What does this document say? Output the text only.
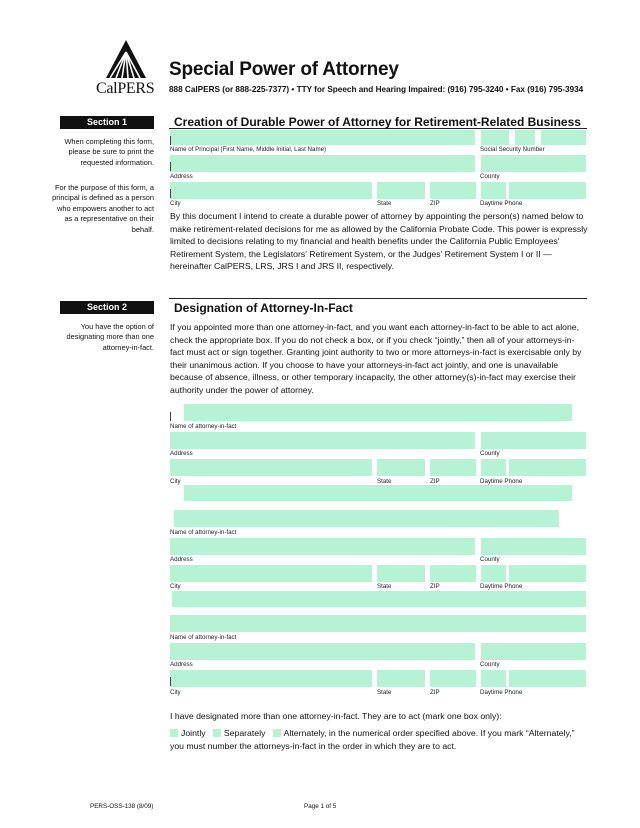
CalPERS
Special Power of Attorney
888 CalPERS (or 888-225-7377) • TTY for Speech and Hearing Impaired: (916) 795-3240 • Fax (916) 795-3934
Section 1	Creation of Durable Power of Attorney for Retirement-Related Business
When completing this form, please be sure to print the requested information.
For the purpose of this form, a principal is defined as a person who empowers another to act as a representative on their behalf.
Name of Principal (First Name, Middle Initial, Last Name)	Social Security Number
Address	County
City	State	ZIP	Daytime Phone
By this document I intend to create a durable power of attorney by appointing the person(s) named below to make retirement-related decisions for me as allowed by the California Probate Code. This power is expressly limited to decisions relating to my financial and health benefits under the California Public Employees' Retirement System, the Legislators' Retirement System, or the Judges' Retirement System I or II — hereinafter CalPERS, LRS, JRS I and JRS II, respectively.
Section 2	Designation of Attorney-In-Fact
You have the option of designating more than one attorney-in-fact.
If you appointed more than one attorney-in-fact, and you want each attorney-in-fact to be able to act alone, check the appropriate box. If you do not check a box, or if you check “jointly,” then all of your attorneys-in-fact must act or sign together. Granting joint authority to two or more attorneys-in-fact is exercisable only by their unanimous action. If you choose to have your attorneys-in-fact act jointly, and one is unavailable because of absence, illness, or other temporary incapacity, the other attorney(s)-in-fact may exercise their authority under the power of attorney.
Name of attorney-in-fact
Address	County
City	State	ZIP	Daytime Phone
Name of attorney-in-fact
Address	County
City	State	ZIP	Daytime Phone
Name of attorney-in-fact
Address	County
City	State	ZIP	Daytime Phone
I have designated more than one attorney-in-fact. They are to act (mark one box only):
Jointly Separately Alternately, in the numerical order specified above. If you mark “Alternately,”
you must number the attorneys-in-fact in the order in which they are to act.
PERS-OSS-138 (8/09)	Page 1 of 5
